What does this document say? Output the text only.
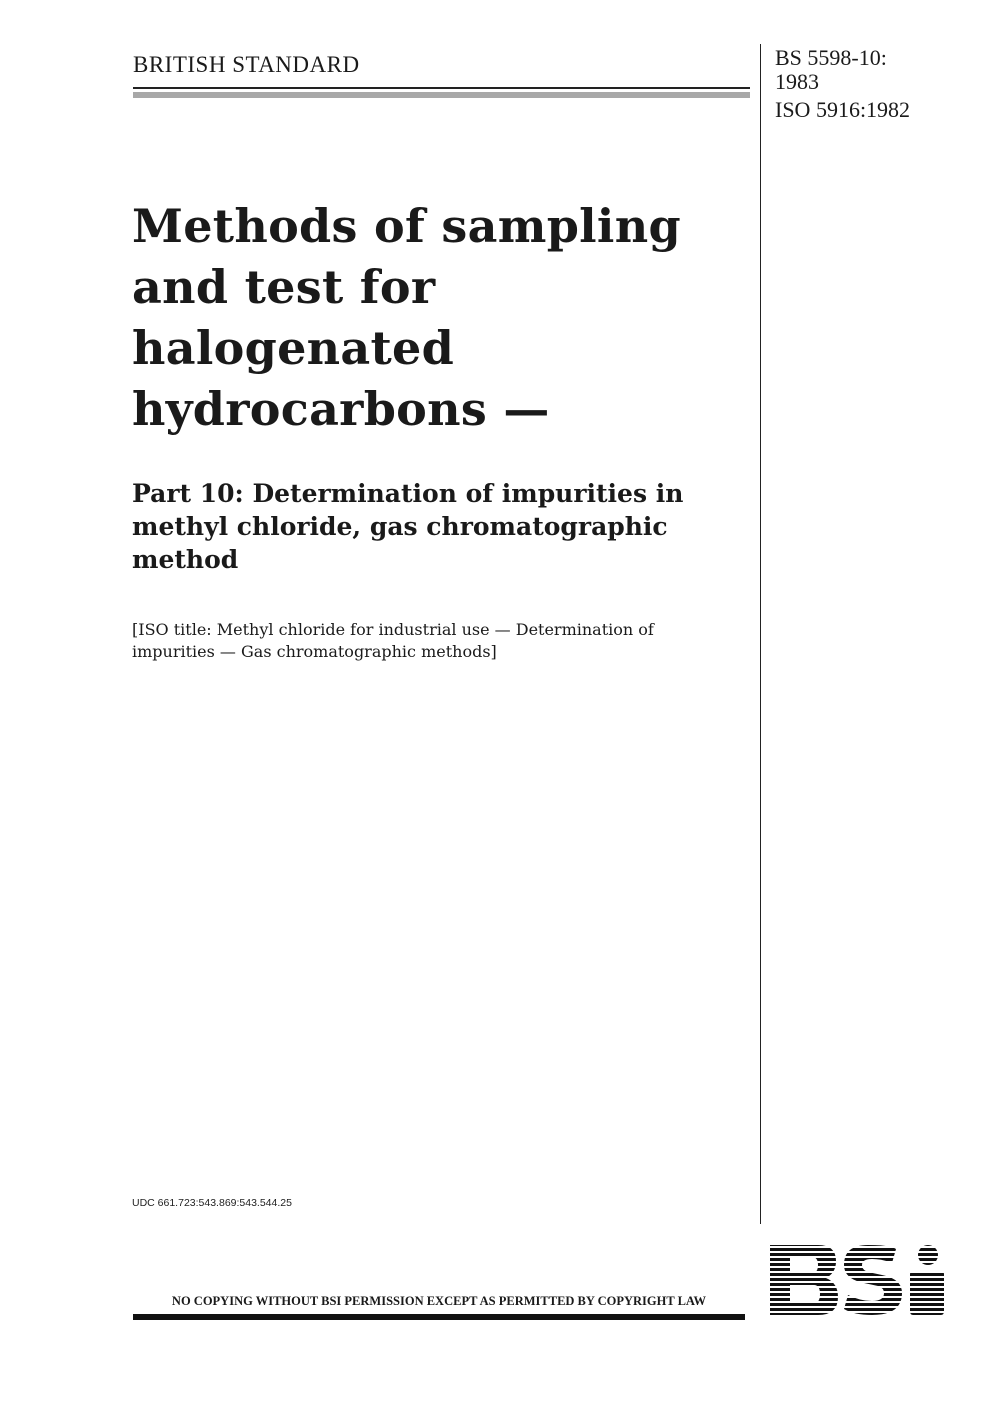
BRITISH STANDARD	BS 5598-10:
1983
ISO 5916:1982
Methods of sampling
and test for
halogenated
hydrocarbons —
Part 10: Determination of impurities in
methyl chloride, gas chromatographic
method
[ISO title: Methyl chloride for industrial use — Determination of
impurities — Gas chromatographic methods]
UDC 661.723:543.869:543.544.25
NO COPYING WITHOUT BSI PERMISSION EXCEPT AS PERMITTED BY COPYRIGHT LAW
